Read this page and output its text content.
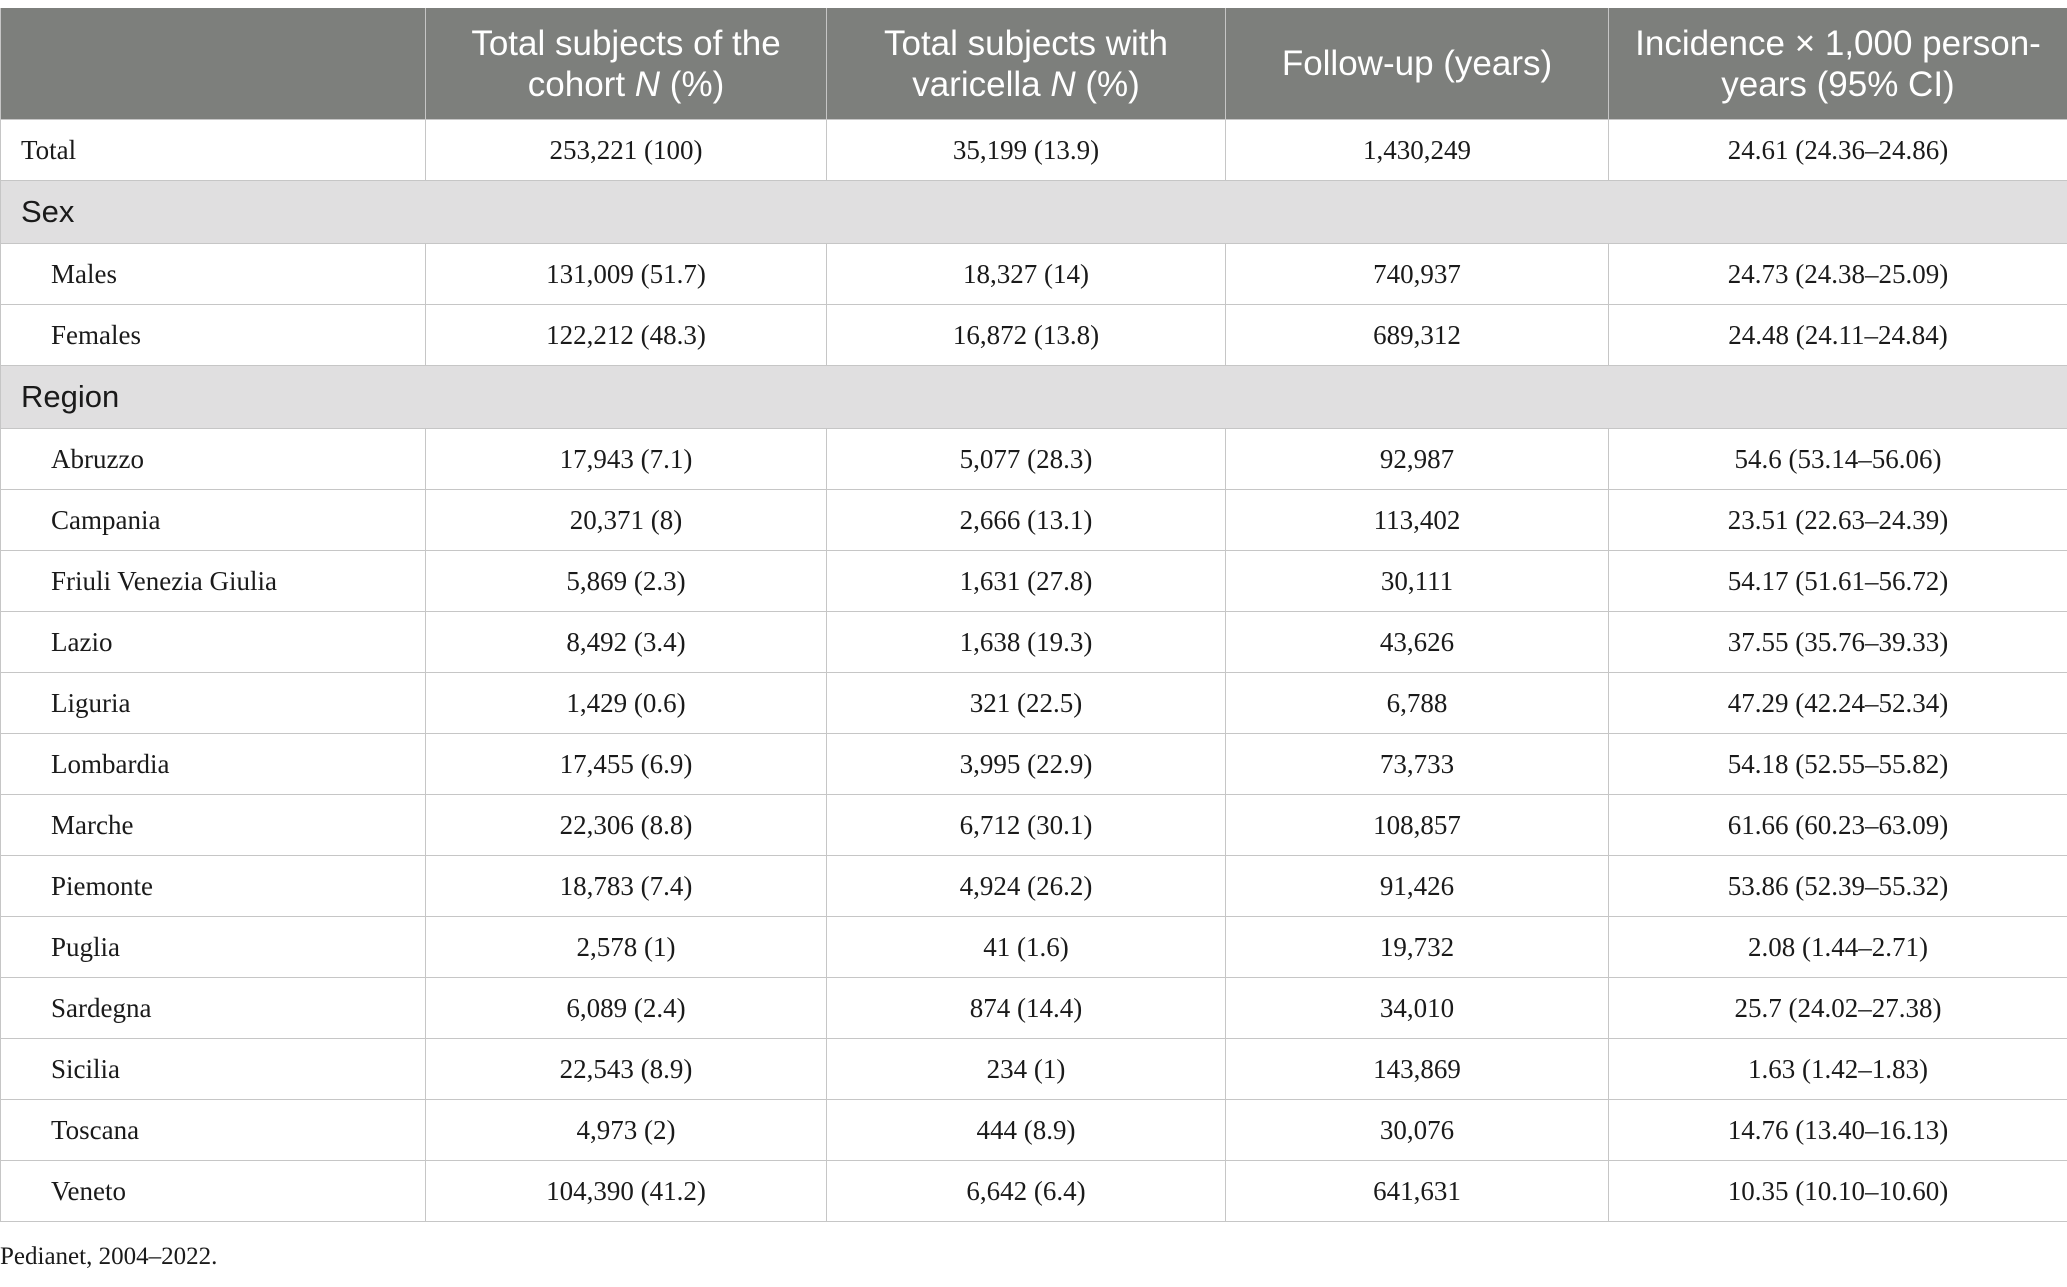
	Total subjects of the cohort N (%)	Total subjects with varicella N (%)	Follow-up (years)	Incidence × 1,000 person-years (95% CI)
Total	253,221 (100)	35,199 (13.9)	1,430,249	24.61 (24.36–24.86)
Sex				
Males	131,009 (51.7)	18,327 (14)	740,937	24.73 (24.38–25.09)
Females	122,212 (48.3)	16,872 (13.8)	689,312	24.48 (24.11–24.84)
Region				
Abruzzo	17,943 (7.1)	5,077 (28.3)	92,987	54.6 (53.14–56.06)
Campania	20,371 (8)	2,666 (13.1)	113,402	23.51 (22.63–24.39)
Friuli Venezia Giulia	5,869 (2.3)	1,631 (27.8)	30,111	54.17 (51.61–56.72)
Lazio	8,492 (3.4)	1,638 (19.3)	43,626	37.55 (35.76–39.33)
Liguria	1,429 (0.6)	321 (22.5)	6,788	47.29 (42.24–52.34)
Lombardia	17,455 (6.9)	3,995 (22.9)	73,733	54.18 (52.55–55.82)
Marche	22,306 (8.8)	6,712 (30.1)	108,857	61.66 (60.23–63.09)
Piemonte	18,783 (7.4)	4,924 (26.2)	91,426	53.86 (52.39–55.32)
Puglia	2,578 (1)	41 (1.6)	19,732	2.08 (1.44–2.71)
Sardegna	6,089 (2.4)	874 (14.4)	34,010	25.7 (24.02–27.38)
Sicilia	22,543 (8.9)	234 (1)	143,869	1.63 (1.42–1.83)
Toscana	4,973 (2)	444 (8.9)	30,076	14.76 (13.40–16.13)
Veneto	104,390 (41.2)	6,642 (6.4)	641,631	10.35 (10.10–10.60)
Pedianet, 2004–2022.
